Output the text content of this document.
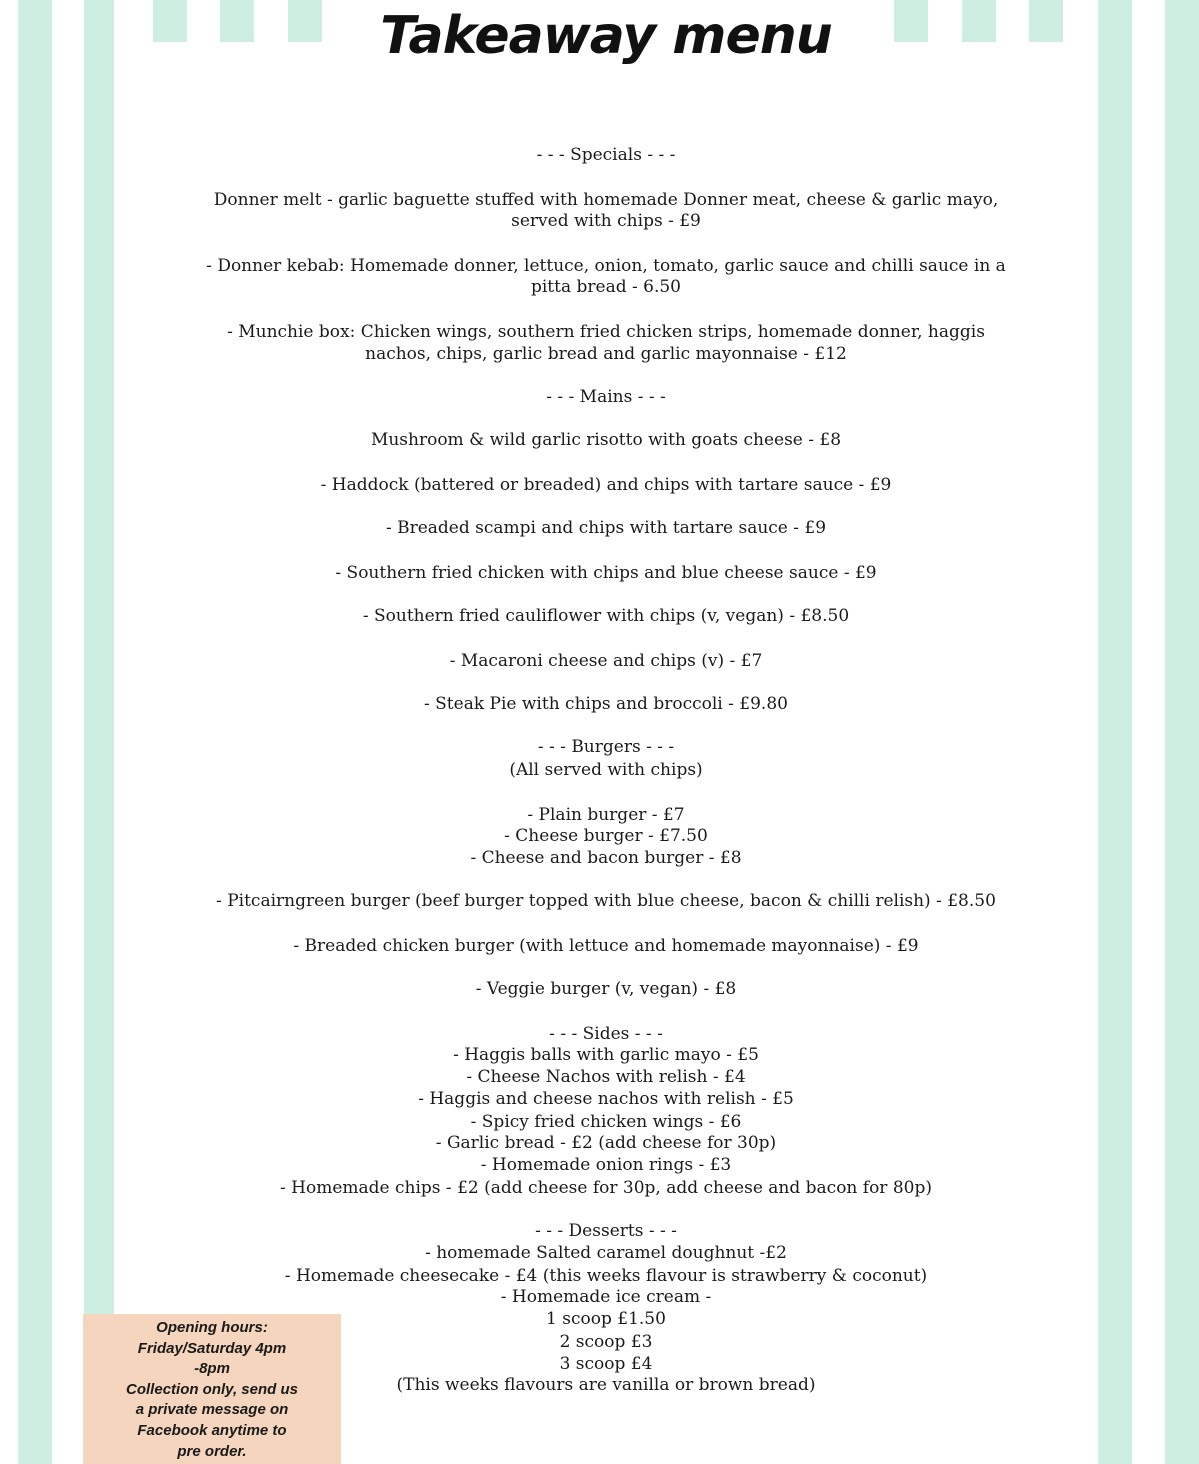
Takeaway menu
- - - Specials - - -
Donner melt - garlic baguette stuffed with homemade Donner meat, cheese & garlic mayo,
served with chips - £9
- Donner kebab: Homemade donner, lettuce, onion, tomato, garlic sauce and chilli sauce in a
pitta bread - 6.50
- Munchie box: Chicken wings, southern fried chicken strips, homemade donner, haggis
nachos, chips, garlic bread and garlic mayonnaise - £12
- - - Mains - - -
Mushroom & wild garlic risotto with goats cheese - £8
- Haddock (battered or breaded) and chips with tartare sauce - £9
- Breaded scampi and chips with tartare sauce - £9
- Southern fried chicken with chips and blue cheese sauce - £9
- Southern fried cauliflower with chips (v, vegan) - £8.50
- Macaroni cheese and chips (v) - £7
- Steak Pie with chips and broccoli - £9.80
- - - Burgers - - -
(All served with chips)
- Plain burger - £7
- Cheese burger - £7.50
- Cheese and bacon burger - £8
- Pitcairngreen burger (beef burger topped with blue cheese, bacon & chilli relish) - £8.50
- Breaded chicken burger (with lettuce and homemade mayonnaise) - £9
- Veggie burger (v, vegan) - £8
- - - Sides - - -
- Haggis balls with garlic mayo - £5
- Cheese Nachos with relish - £4
- Haggis and cheese nachos with relish - £5
- Spicy fried chicken wings - £6
- Garlic bread - £2 (add cheese for 30p)
- Homemade onion rings - £3
- Homemade chips - £2 (add cheese for 30p, add cheese and bacon for 80p)
- - - Desserts - - -
- homemade Salted caramel doughnut -£2
- Homemade cheesecake - £4 (this weeks flavour is strawberry & coconut)
- Homemade ice cream -
1 scoop £1.50
2 scoop £3
3 scoop £4
(This weeks flavours are vanilla or brown bread)
Opening hours:
Friday/Saturday 4pm
-8pm
Collection only, send us
a private message on
Facebook anytime to
pre order.
